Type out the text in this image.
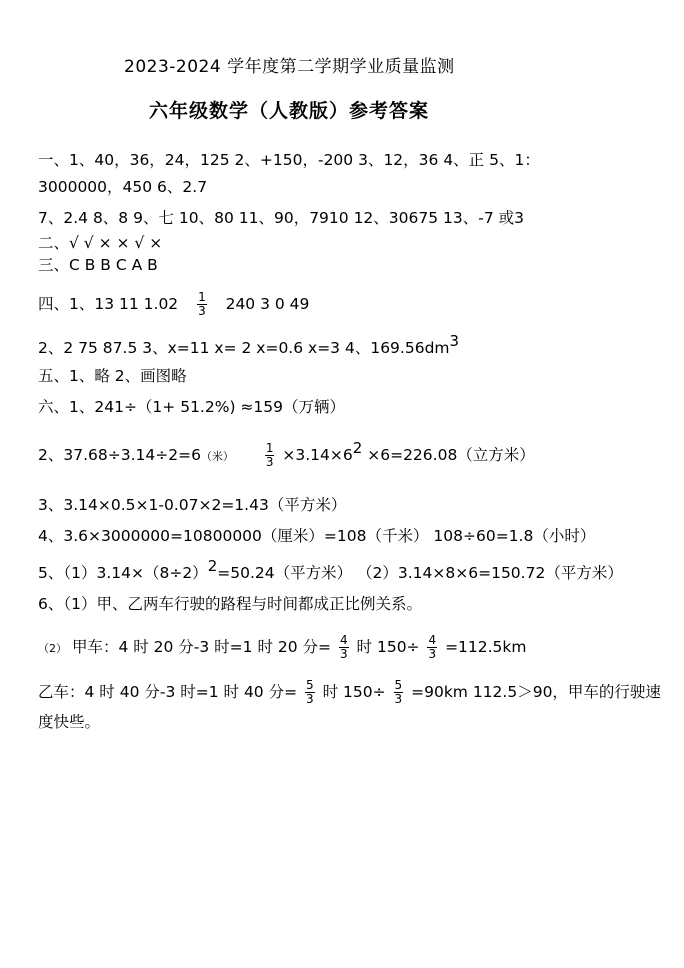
2023-2024 学年度第二学期学业质量监测
六年级数学（人教版）参考答案
一、1、40，36，24，125 2、+150，-200 3、12，36 4、正 5、1：
3000000，450 6、2.7
7、2.4 8、8 9、七 10、80 11、90，7910 12、30675 13、-7 或3
二、√ √ × × √ ×
三、C B B C A B
四、1、13 11 $1.02 \frac{1}{3} 240$ 3 0 49
2、2 75 87.5 3、x=11 x= 2 x=0.6 x=3 4、169.56dm3
五、1、略 2、画图略
六、1、241÷（1+ 51.2%) ≈159（万辆）
2、37.68÷3.14÷2=6（米）	$\frac{1}{3} \times 3.14\times 62 \times 6=226.08$（立方米）
3、3.14×0.5×1-0.07×2=1.43（平方米）
4、3.6×3000000=10800000（厘米）=108（千米） 108÷60=1.8（小时）
5、（1）3.14×（8÷2）2=50.24（平方米） （2）3.14×8×6=150.72（平方米）
6、（1）甲、乙两车行驶的路程与时间都成正比例关系。
（2） 甲车：4 时 20 分-3 时=1 时 20 分= $\frac{4}{3}$ 时 $150\div \frac{4}{3} =112.5km$
乙车：4 时 40 分-3 时=1 时 40 分= $\frac{5}{3}$ 时 $150\div \frac{5}{3} =90km$ 112.5＞90，甲车的行驶速
度快些。
